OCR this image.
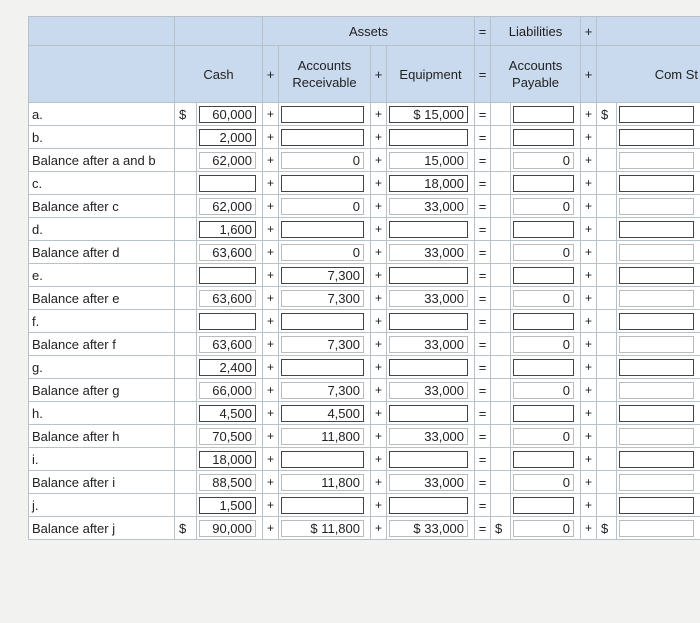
			Assets				=	Liabilities		+		
	Cash		+	Accounts Receivable	+	Equipment	=	Accounts Payable		+	Com St	

a.	$	60,000	+		+	$ 15,000	=			+	$	

b.		2,000	+		+		=			+		

Balance after a and b		62,000	+	0	+	15,000	=		0	+		

c.			+		+	18,000	=			+		

Balance after c		62,000	+	0	+	33,000	=		0	+		

d.		1,600	+		+		=			+		

Balance after d		63,600	+	0	+	33,000	=		0	+		

e.			+	7,300	+		=			+		

Balance after e		63,600	+	7,300	+	33,000	=		0	+		

f.			+		+		=			+		

Balance after f		63,600	+	7,300	+	33,000	=		0	+		

g.		2,400	+		+		=			+		

Balance after g		66,000	+	7,300	+	33,000	=		0	+		

h.		4,500	+	4,500	+		=			+		

Balance after h		70,500	+	11,800	+	33,000	=		0	+		

i.		18,000	+		+		=			+		

Balance after i		88,500	+	11,800	+	33,000	=		0	+		

j.		1,500	+		+		=			+		

Balance after j	$	90,000	+	$ 11,800	+	$ 33,000	=	$	0	+	$	
